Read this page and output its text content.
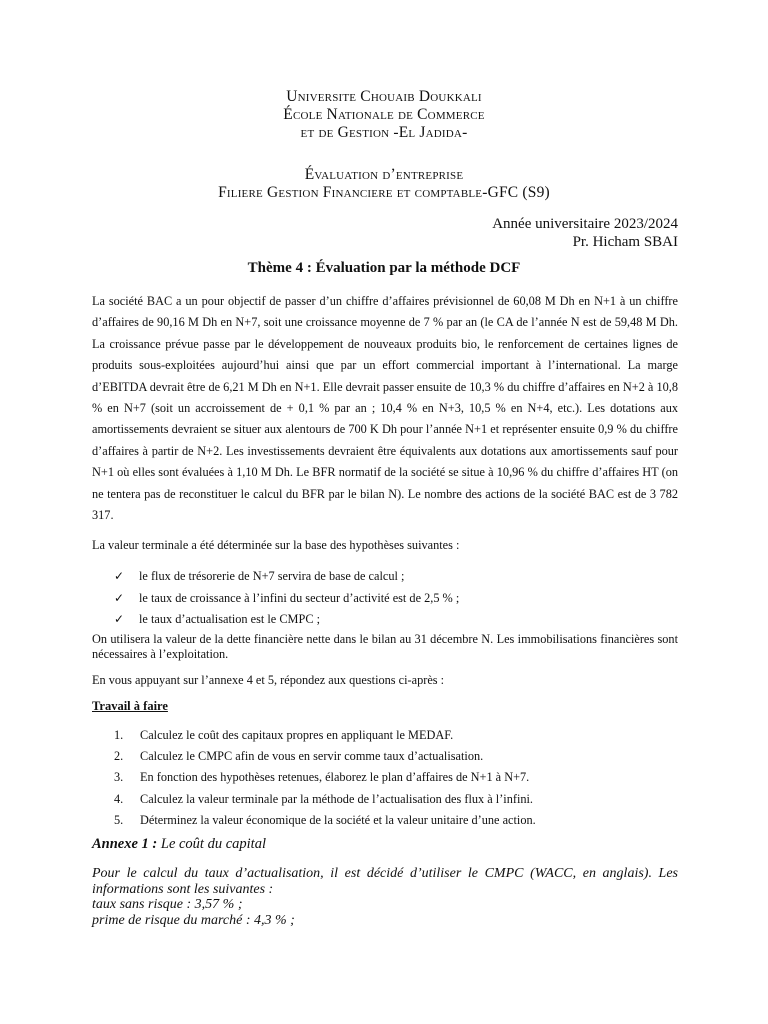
Universite Chouaib Doukkali
École Nationale de Commerce
et de Gestion -El Jadida-
Évaluation d’entreprise
Filiere Gestion Financiere et comptable-GFC (S9)
Année universitaire 2023/2024
Pr. Hicham SBAI
Thème 4 : Évaluation par la méthode DCF
La société BAC a un pour objectif de passer d’un chiffre d’affaires prévisionnel de 60,08 M Dh en N+1 à un chiffre d’affaires de 90,16 M Dh en N+7, soit une croissance moyenne de 7 % par an (le CA de l’année N est de 59,48 M Dh. La croissance prévue passe par le développement de nouveaux produits bio, le renforcement de certaines lignes de produits sous-exploitées aujourd’hui ainsi que par un effort commercial important à l’international. La marge d’EBITDA devrait être de 6,21 M Dh en N+1. Elle devrait passer ensuite de 10,3 % du chiffre d’affaires en N+2 à 10,8 % en N+7 (soit un accroissement de + 0,1 % par an ; 10,4 % en N+3, 10,5 % en N+4, etc.). Les dotations aux amortissements devraient se situer aux alentours de 700 K Dh pour l’année N+1 et représenter ensuite 0,9 % du chiffre d’affaires à partir de N+2. Les investissements devraient être équivalents aux dotations aux amortissements sauf pour N+1 où elles sont évaluées à 1,10 M Dh. Le BFR normatif de la société se situe à 10,96 % du chiffre d’affaires HT (on ne tentera pas de reconstituer le calcul du BFR par le bilan N). Le nombre des actions de la société BAC est de 3 782 317.
La valeur terminale a été déterminée sur la base des hypothèses suivantes :
✓	le flux de trésorerie de N+7 servira de base de calcul ;
✓	le taux de croissance à l’infini du secteur d’activité est de 2,5 % ;
✓	le taux d’actualisation est le CMPC ;
On utilisera la valeur de la dette financière nette dans le bilan au 31 décembre N. Les immobilisations financières sont nécessaires à l’exploitation.
En vous appuyant sur l’annexe 4 et 5, répondez aux questions ci-après :
Travail à faire
1.	Calculez le coût des capitaux propres en appliquant le MEDAF.
2.	Calculez le CMPC afin de vous en servir comme taux d’actualisation.
3.	En fonction des hypothèses retenues, élaborez le plan d’affaires de N+1 à N+7.
4.	Calculez la valeur terminale par la méthode de l’actualisation des flux à l’infini.
5.	Déterminez la valeur économique de la société et la valeur unitaire d’une action.
Annexe 1 : Le coût du capital
Pour le calcul du taux d’actualisation, il est décidé d’utiliser le CMPC (WACC, en anglais). Les informations sont les suivantes :
taux sans risque : 3,57 % ;
prime de risque du marché : 4,3 % ;
